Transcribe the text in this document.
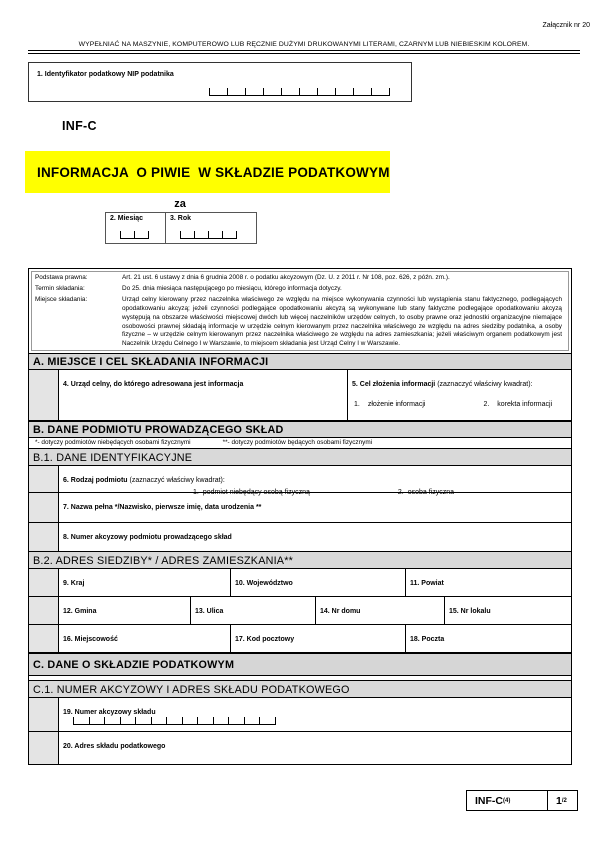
Załącznik nr 20
WYPEŁNIAĆ NA MASZYNIE, KOMPUTEROWO LUB RĘCZNIE DUŻYMI DRUKOWANYMI LITERAMI, CZARNYM LUB NIEBIESKIM KOLOREM.
1. Identyfikator podatkowy NIP podatnika
INF-C
INFORMACJA  O PIWIE  W SKŁADZIE PODATKOWYM
za
2. Miesiąc	3. Rok
Podstawa prawna:	Art. 21 ust. 6 ustawy z dnia 6 grudnia 2008 r. o podatku akcyzowym (Dz. U. z 2011 r. Nr 108, poz. 626, z późn. zm.).
Termin składania:	Do 25. dnia miesiąca następującego po miesiącu, którego informacja dotyczy.
Miejsce składania:	Urząd celny kierowany przez naczelnika właściwego ze względu na miejsce wykonywania czynności lub wystąpienia stanu faktycznego, podlegających opodatkowaniu akcyzą; jeżeli czynności podlegające opodatkowaniu akcyzą są wykonywane lub stany faktyczne podlegające opodatkowaniu akcyzą występują na obszarze właściwości miejscowej dwóch lub więcej naczelników urzędów celnych, to osoby prawne oraz jednostki organizacyjne niemające osobowości prawnej składają informacje w urzędzie celnym kierowanym przez naczelnika właściwego ze względu na adres siedziby podatnika, a osoby fizyczne – w urzędzie celnym kierowanym przez naczelnika właściwego ze względu na adres zamieszkania; jeżeli właściwym organem podatkowym jest Naczelnik Urzędu Celnego I w Warszawie, to miejscem składania jest Urząd Celny I w Warszawie.
A. MIEJSCE I CEL SKŁADANIA INFORMACJI
4. Urząd celny, do którego adresowana jest informacja	5. Cel złożenia informacji (zaznaczyć właściwy kwadrat):
1. złożenie informacji	2. korekta informacji
B. DANE PODMIOTU PROWADZĄCEGO SKŁAD
*- dotyczy podmiotów niebędących osobami fizycznymi	**- dotyczy podmiotów będących osobami fizycznymi
B.1. DANE IDENTYFIKACYJNE
6. Rodzaj podmiotu (zaznaczyć właściwy kwadrat):
1. podmiot niebędący osobą fizyczną	2. osoba fizyczna
7. Nazwa pełna */Nazwisko, pierwsze imię, data urodzenia **
8. Numer akcyzowy podmiotu prowadzącego skład
B.2. ADRES SIEDZIBY* / ADRES ZAMIESZKANIA**
9. Kraj	10. Województwo	11. Powiat
12. Gmina	13. Ulica	14. Nr domu	15. Nr lokalu
16. Miejscowość	17. Kod pocztowy	18. Poczta
C. DANE O SKŁADZIE PODATKOWYM
C.1. NUMER AKCYZOWY I ADRES SKŁADU PODATKOWEGO
19. Numer akcyzowy składu
20. Adres składu podatkowego
INF-C (4)	1 /2
